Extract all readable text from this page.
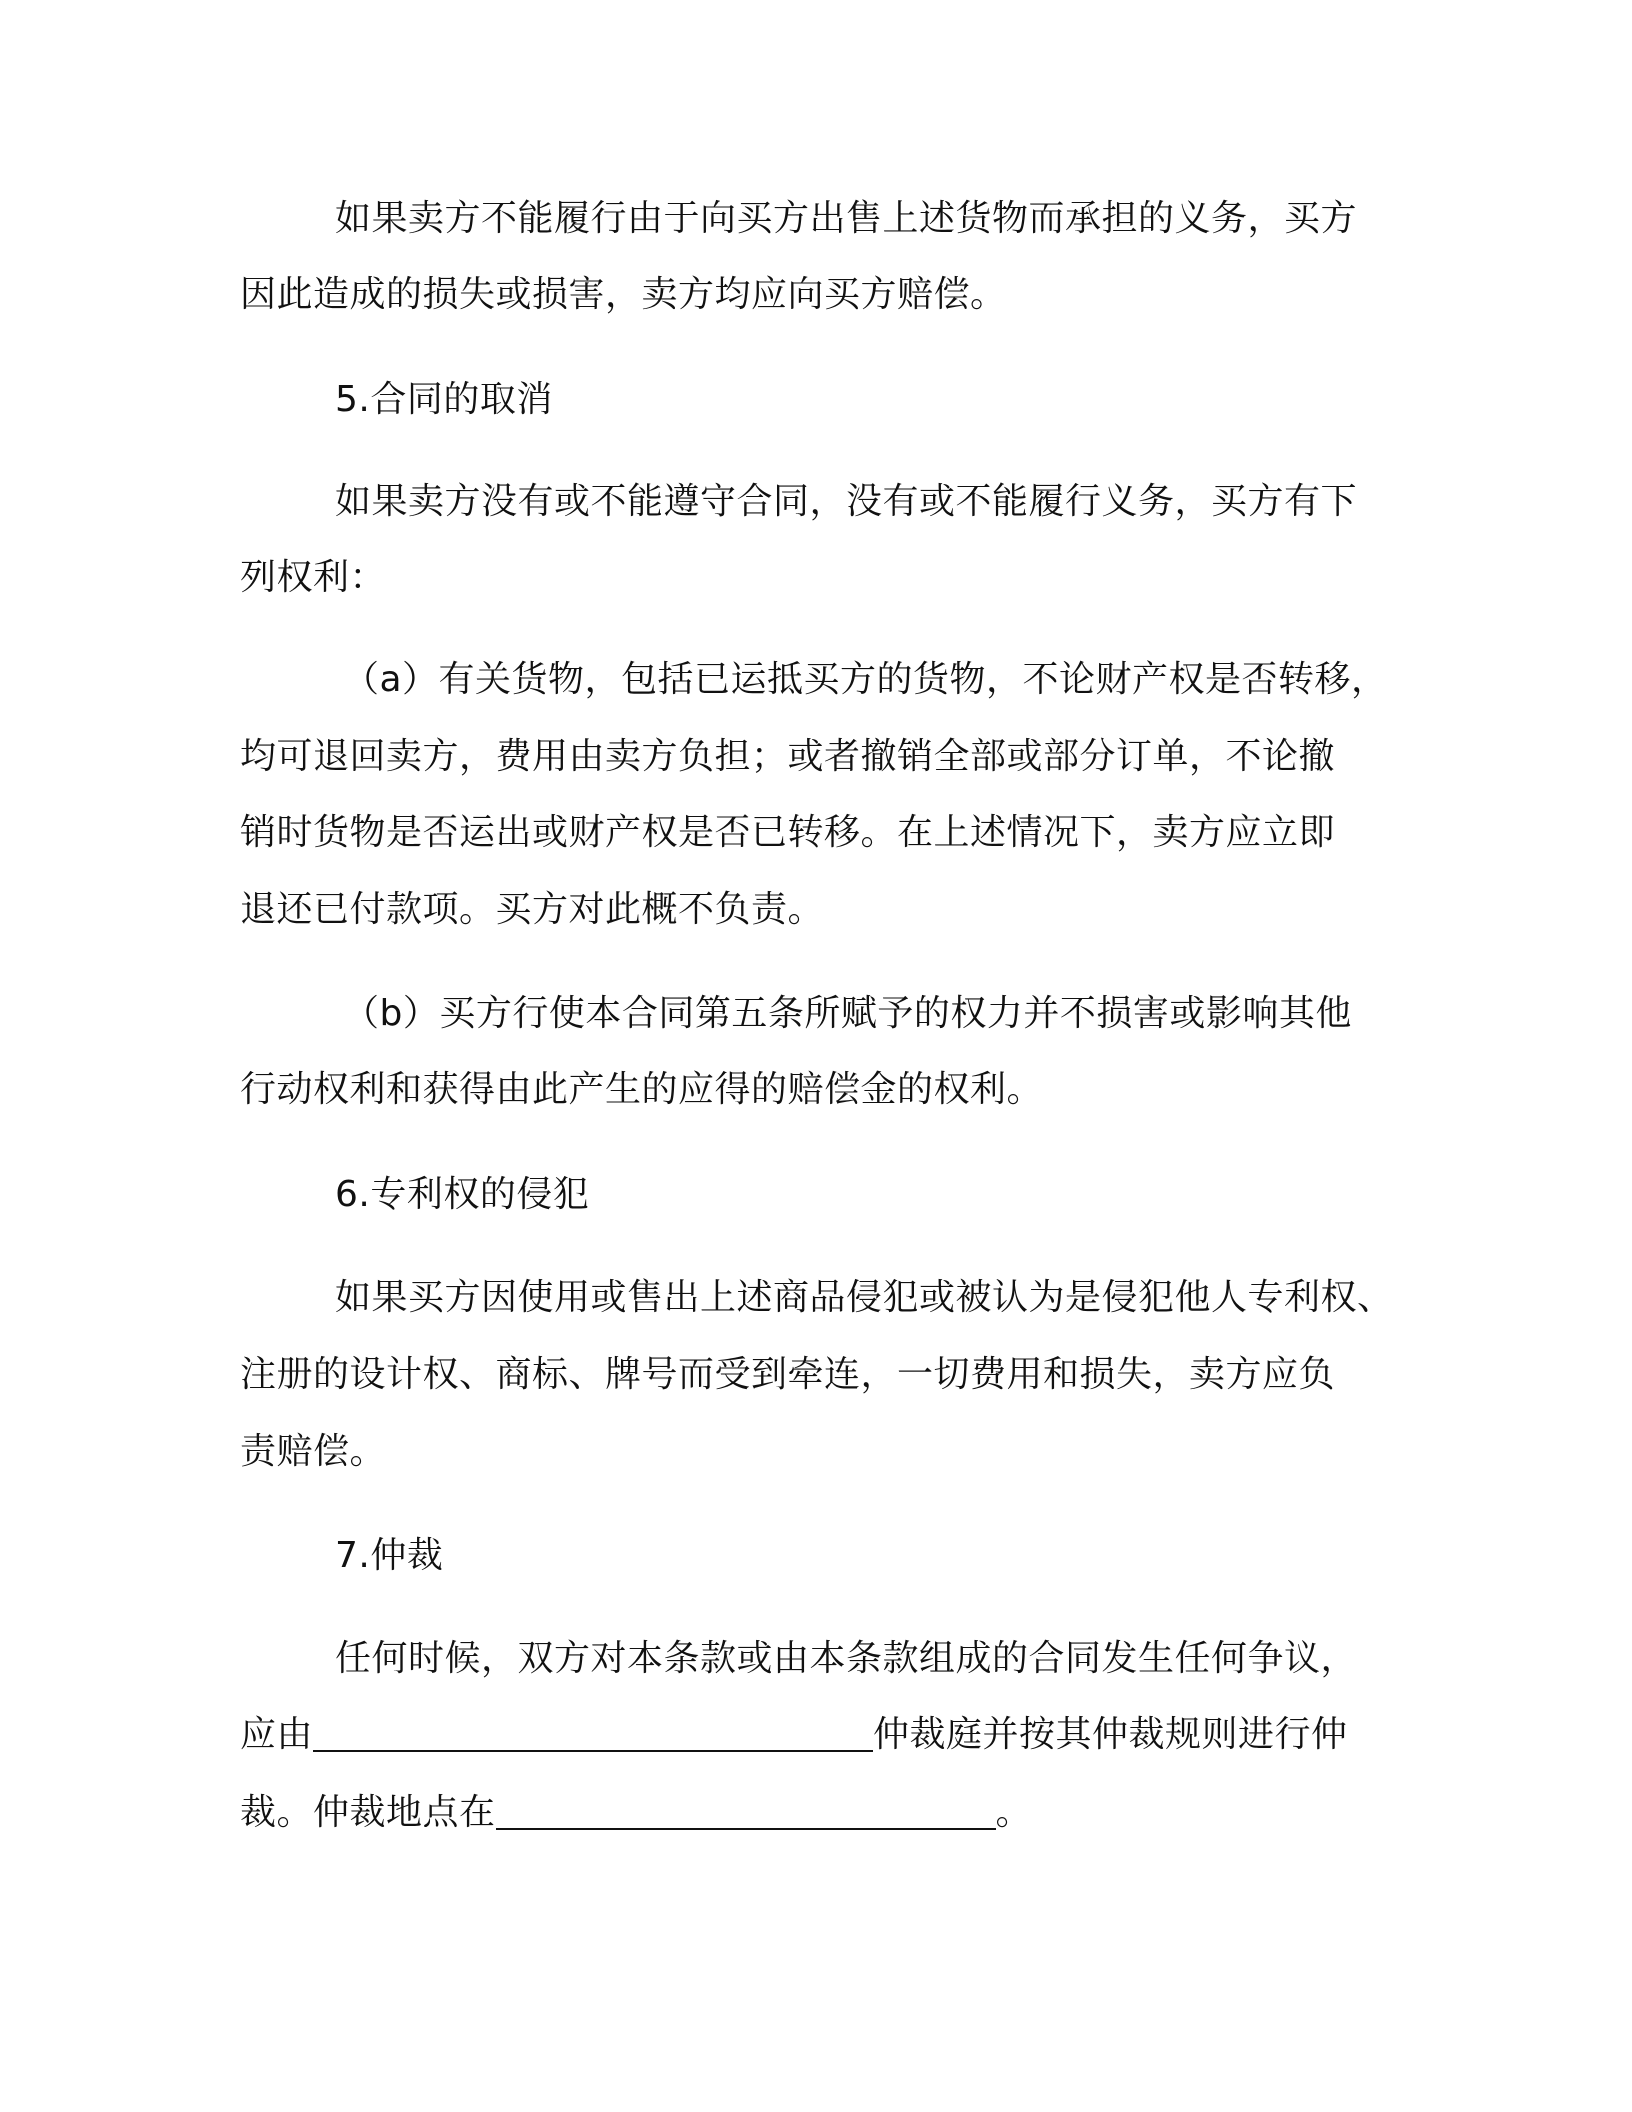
如果卖方不能履行由于向买方出售上述货物而承担的义务，买方
因此造成的损失或损害，卖方均应向买方赔偿。
5.合同的取消
如果卖方没有或不能遵守合同，没有或不能履行义务，买方有下
列权利：
（a）有关货物，包括已运抵买方的货物，不论财产权是否转移，
均可退回卖方，费用由卖方负担；或者撤销全部或部分订单，不论撤
销时货物是否运出或财产权是否已转移。在上述情况下，卖方应立即
退还已付款项。买方对此概不负责。
（b）买方行使本合同第五条所赋予的权力并不损害或影响其他
行动权利和获得由此产生的应得的赔偿金的权利。
6.专利权的侵犯
如果买方因使用或售出上述商品侵犯或被认为是侵犯他人专利权、
注册的设计权、商标、牌号而受到牵连，一切费用和损失，卖方应负
责赔偿。
7.仲裁
任何时候，双方对本条款或由本条款组成的合同发生任何争议，
应由	仲裁庭并按其仲裁规则进行仲
裁。仲裁地点在	。
